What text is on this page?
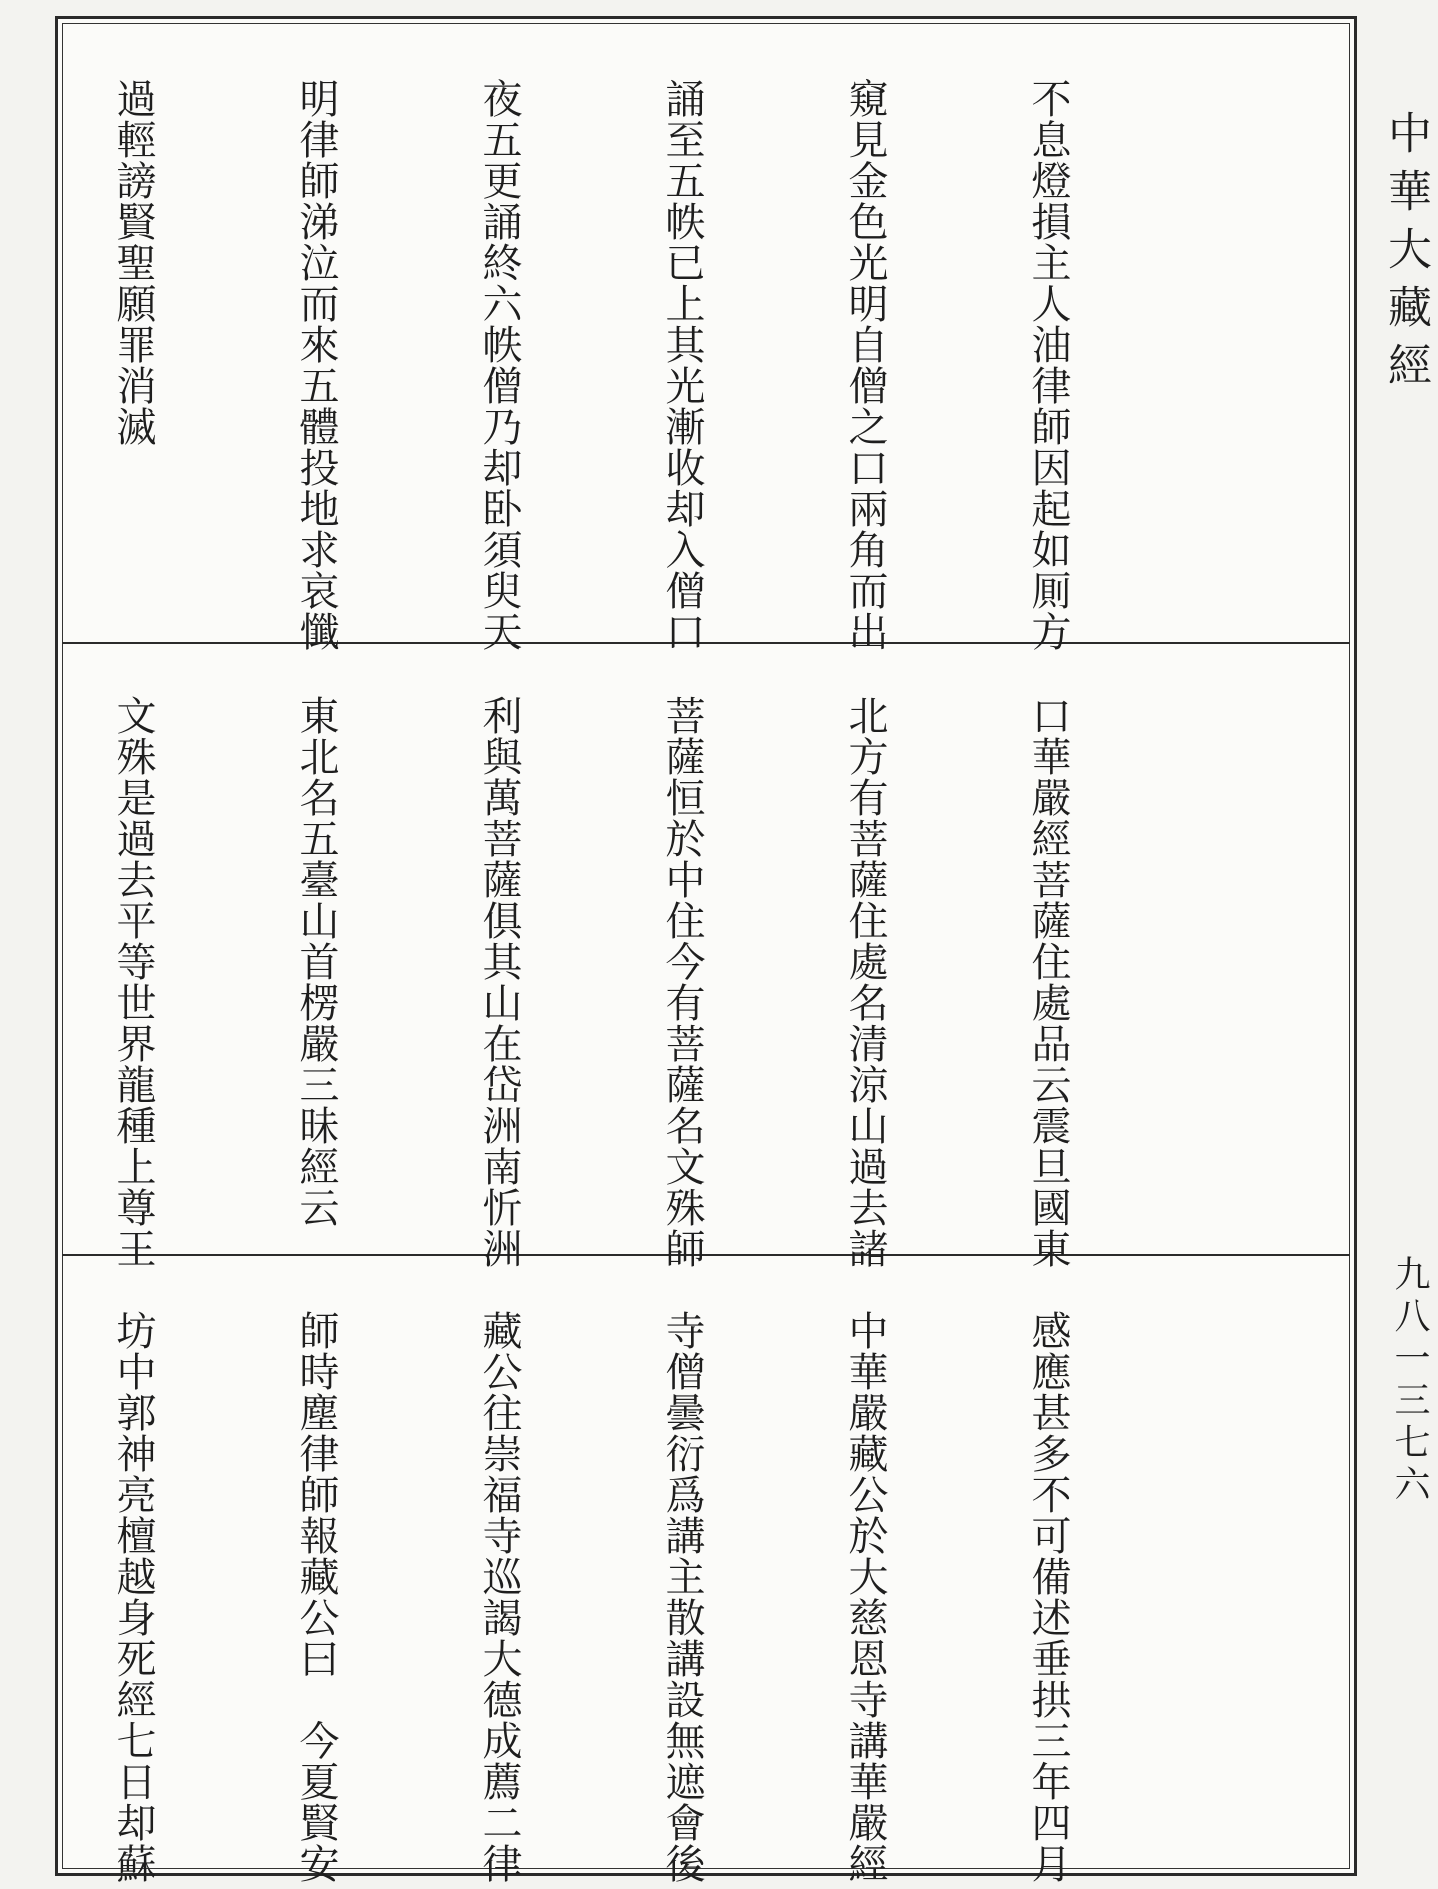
不息燈損主人油律師因起如厠方

窺見金色光明自僧之口兩角而出

誦至五帙已上其光漸收却入僧口

夜五更誦終六帙僧乃却卧須臾天

明律師涕泣而來五體投地求哀懺

過輕謗賢聖願罪消滅

口華嚴經菩薩住處品云震旦國東

北方有菩薩住處名清涼山過去諸

菩薩恒於中住今有菩薩名文殊師

利與萬菩薩俱其山在岱洲南忻洲

東北名五臺山首楞嚴三昧經云

文殊是過去平等世界龍種上尊王

感應甚多不可備述垂拱三年四月

中華嚴藏公於大慈恩寺講華嚴經

寺僧曇衍爲講主散講設無遮會後

藏公往崇福寺巡謁大德成薦二律

師時塵律師報藏公曰　今夏賢安

坊中郭神亮檀越身死經七日却蘇

中華大藏經
九八一三七六
